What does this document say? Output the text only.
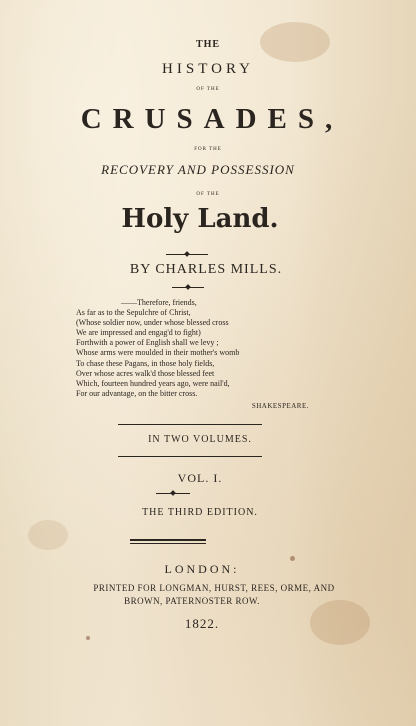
THE
HISTORY
OF THE
CRUSADES,
FOR THE
RECOVERY AND POSSESSION
OF THE
Holy Land.
BY CHARLES MILLS.
——Therefore, friends,
As far as to the Sepulchre of Christ,
(Whose soldier now, under whose blessed cross
We are impressed and engag'd to fight)
Forthwith a power of English shall we levy ;
Whose arms were moulded in their mother's womb
To chase these Pagans, in those holy fields,
Over whose acres walk'd those blessed feet
Which, fourteen hundred years ago, were nail'd,
For our advantage, on the bitter cross.
SHAKESPEARE.
IN TWO VOLUMES.
VOL. I.
THE THIRD EDITION.
LONDON:
PRINTED FOR LONGMAN, HURST, REES, ORME, AND
BROWN, PATERNOSTER ROW.
1822.
